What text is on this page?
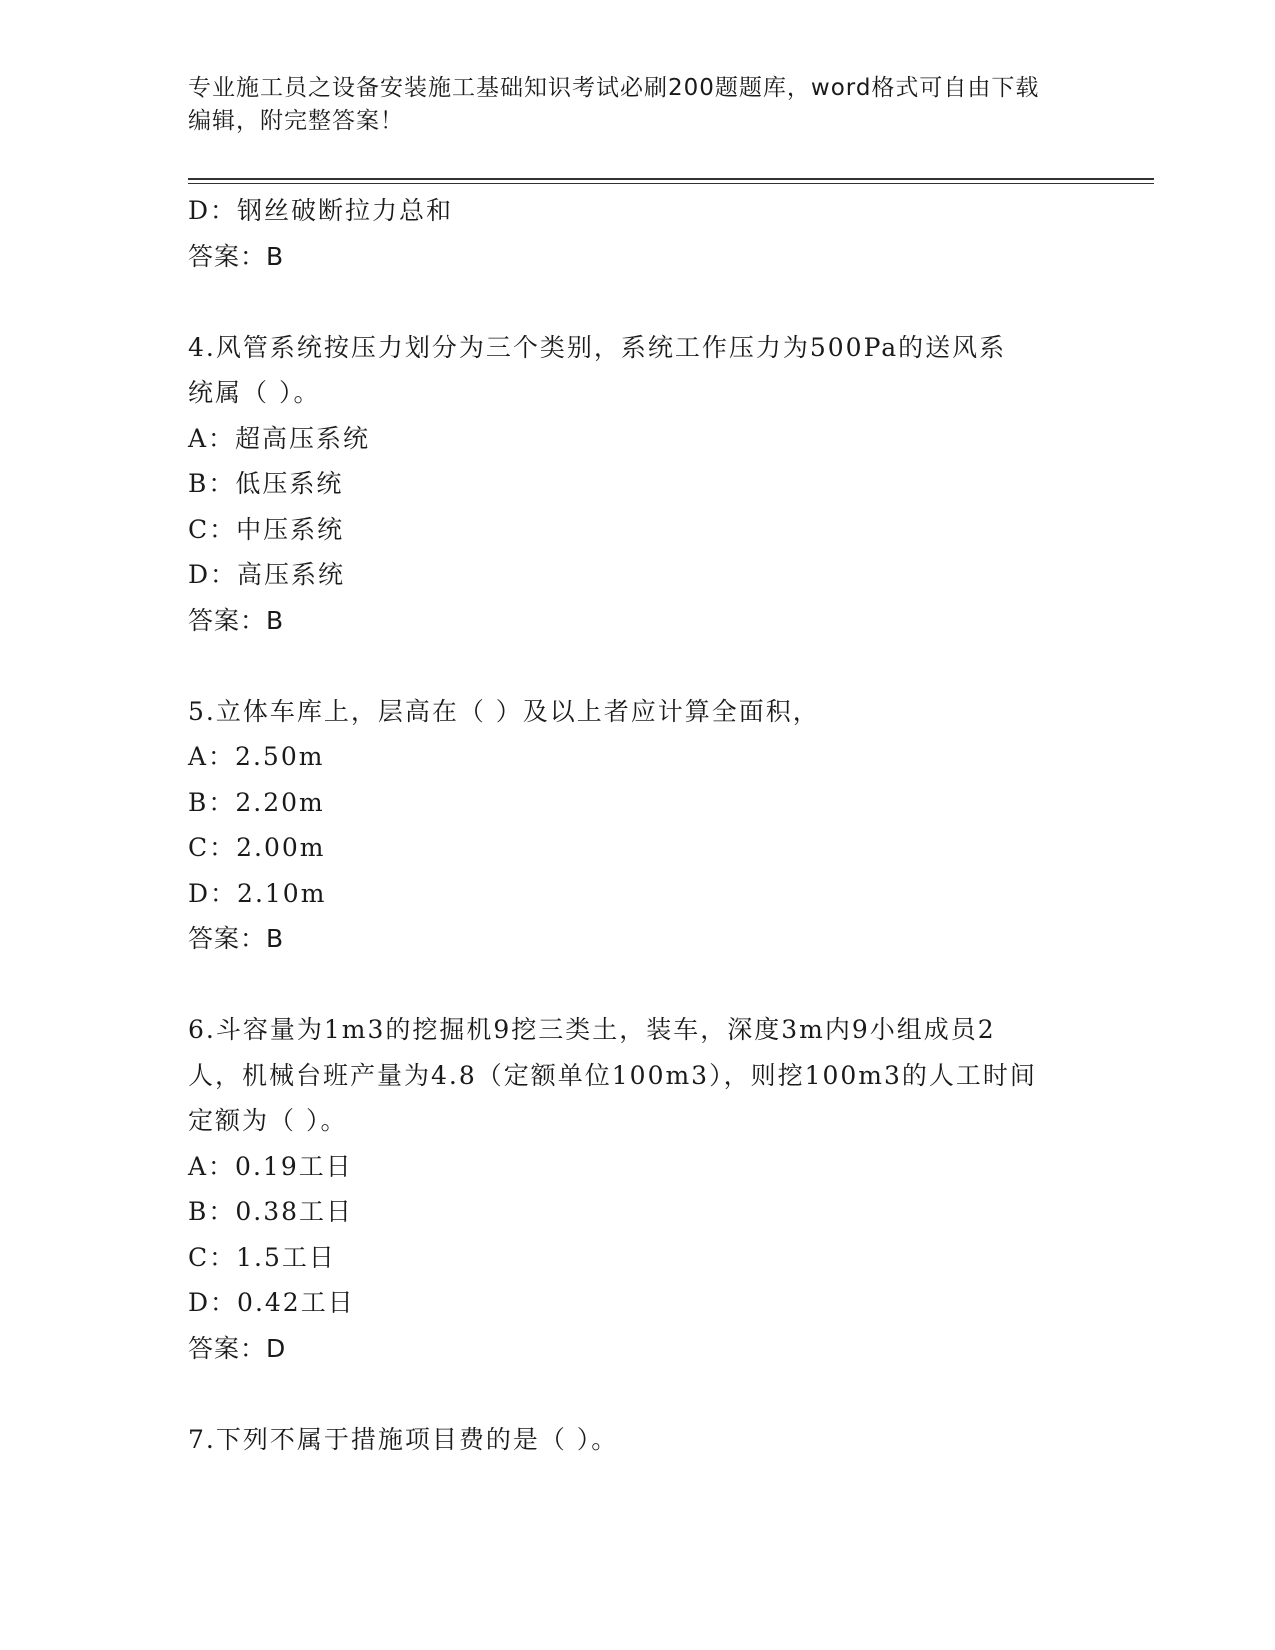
专业施工员之设备安装施工基础知识考试必刷200题题库，word格式可自由下载
编辑，附完整答案！
D：钢丝破断拉力总和
答案：B
4.风管系统按压力划分为三个类别，系统工作压力为500Pa的送风系
统属（ ）。
A：超高压系统
B：低压系统
C：中压系统
D：高压系统
答案：B
5.立体车库上，层高在（ ）及以上者应计算全面积，
A：2.50m
B：2.20m
C：2.00m
D：2.10m
答案：B
6.斗容量为1m3的挖掘机9挖三类土，装车，深度3m内9小组成员2
人，机械台班产量为4.8（定额单位100m3），则挖100m3的人工时间
定额为（ ）。
A：0.19工日
B：0.38工日
C：1.5工日
D：0.42工日
答案：D
7.下列不属于措施项目费的是（ ）。
